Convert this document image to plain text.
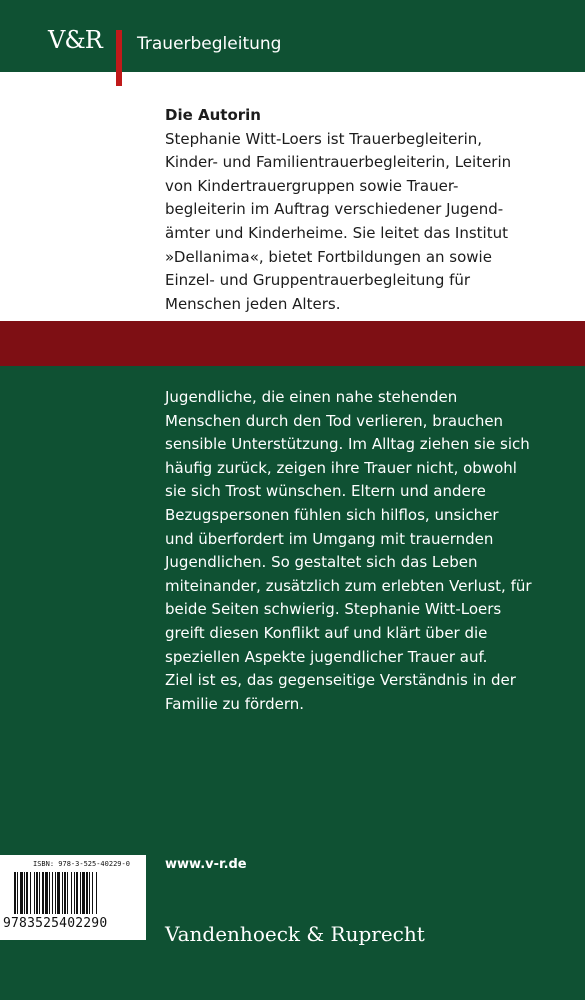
V&R Trauerbegleitung
Die Autorin
Stephanie Witt-Loers ist Trauerbegleiterin,
Kinder- und Familientrauerbegleiterin, Leiterin
von Kindertrauergruppen sowie Trauer-
begleiterin im Auftrag verschiedener Jugend-
ämter und Kinderheime. Sie leitet das Institut
»Dellanima«, bietet Fortbildungen an sowie
Einzel- und Gruppentrauerbegleitung für
Menschen jeden Alters.
Jugendliche, die einen nahe stehenden
Menschen durch den Tod verlieren, brauchen
sensible Unterstützung. Im Alltag ziehen sie sich
häufig zurück, zeigen ihre Trauer nicht, obwohl
sie sich Trost wünschen. Eltern und andere
Bezugspersonen fühlen sich hilflos, unsicher
und überfordert im Umgang mit trauernden
Jugendlichen. So gestaltet sich das Leben
miteinander, zusätzlich zum erlebten Verlust, für
beide Seiten schwierig. Stephanie Witt-Loers
greift diesen Konflikt auf und klärt über die
speziellen Aspekte jugendlicher Trauer auf.
Ziel ist es, das gegenseitige Verständnis in der
Familie zu fördern.
ISBN: 978-3-525-40229-0
9783525402290
www.v-r.de
Vandenhoeck & Ruprecht
